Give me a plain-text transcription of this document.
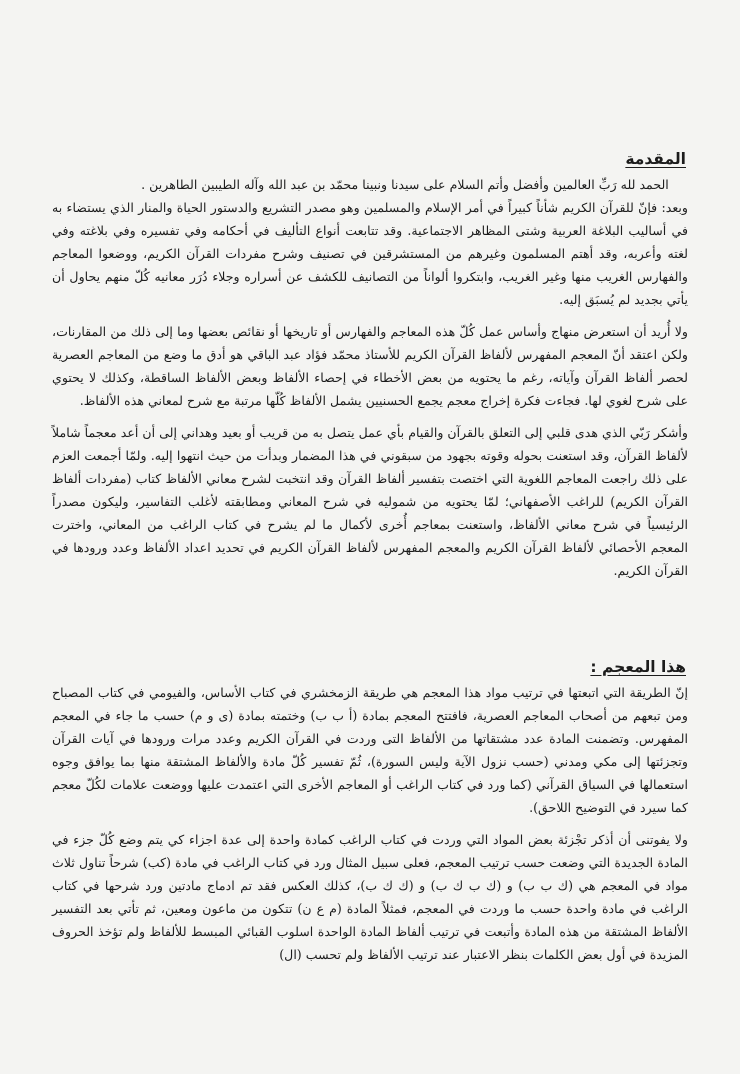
المقدمة

الحمد لله رَبِّ العالمين وأفضل وأتم السلام على سيدنا ونبينا محمّد بن عبد الله وآله الطيبين الطاهرين .

وبعد: فإنّ للقرآن الكريم شأناً كبيراً في أمر الإسلام والمسلمين وهو مصدر التشريع والدستور الحياة والمنار الذي يستضاء به في أساليب البلاغة العربية وشتى المظاهر الاجتماعية. وقد تتابعت أنواع التأليف في أحكامه وفي تفسيره وفي بلاغته وفي لغته وأعربه، وقد أهتم المسلمون وغيرهم من المستشرقين في تصنيف وشرح مفردات القرآن الكريم، ووضعوا المعاجم والفهارس الغريب منها وغير الغريب، وابتكروا ألواناً من التصانيف للكشف عن أسراره وجلاء دُرَر معانيه كُلّ منهم يحاول أن يأتي بجديد لم يُسبَق إليه.

ولا أُريد أن استعرض منهاج وأساس عمل كُلّ هذه المعاجم والفهارس أو تاريخها أو نقائص بعضها وما إلى ذلك من المقارنات، ولكن اعتقد أنّ المعجم المفهرس لألفاظ القرآن الكريم للأستاذ محمّد فؤاد عبد الباقي هو أدق ما وضع من المعاجم العصرية لحصر ألفاظ القرآن وآياته، رغم ما يحتويه من بعض الأخطاء في إحصاء الألفاظ وبعض الألفاظ الساقطة، وكذلك لا يحتوي على شرح لغوي لها. فجاءت فكرة إخراج معجم يجمع الحسنيين يشمل الألفاظ كُلّها مرتبة مع شرح لمعاني هذه الألفاظ.

وأشكر رَبّي الذي هدى قلبي إلى التعلق بالقرآن والقيام بأي عمل يتصل به من قريب أو بعيد وهداني إلى أن أعد معجماً شاملاً لألفاظ القرآن، وقد استعنت بحوله وقوته بجهود من سبقوني في هذا المضمار وبدأت من حيث انتهوا إليه. ولمّا أجمعت العزم على ذلك راجعت المعاجم اللغوية التي اختصت بتفسير ألفاظ القرآن وقد انتخبت لشرح معاني الألفاظ كتاب (مفردات ألفاظ القرآن الكريم) للراغب الأصفهاني؛ لمّا يحتويه من شموليه في شرح المعاني ومطابقته لأغلب التفاسير، وليكون مصدراً الرئيسياً في شرح معاني الألفاظ، واستعنت بمعاجم أُخرى لأكمال ما لم يشرح في كتاب الراغب من المعاني، واخترت المعجم الأحصائي لألفاظ القرآن الكريم والمعجم المفهرس لألفاظ القرآن الكريم في تحديد اعداد الألفاظ وعدد ورودها في القرآن الكريم.

هذا المعجم :

إنّ الطريقة التي اتبعتها في ترتيب مواد هذا المعجم هي طريقة الزمخشري في كتاب الأساس، والفيومي في كتاب المصباح ومن تبعهم من أصحاب المعاجم العصرية، فافتتح المعجم بمادة (أ ب ب) وختمته بمادة (ى و م) حسب ما جاء في المعجم المفهرس. وتضمنت المادة عدد مشتقاتها من الألفاظ التى وردت في القرآن الكريم وعدد مرات ورودها في آيات القرآن وتجزئتها إلى مكي ومدني (حسب نزول الآية وليس السورة)، ثُمّ تفسير كُلّ مادة والألفاظ المشتقة منها بما يوافق وجوه استعمالها في السياق القرآني (كما ورد في كتاب الراغب أو المعاجم الأخرى التي اعتمدت عليها ووضعت علامات لكُلّ معجم كما سيرد في التوضيح اللاحق).

ولا يفوتنى أن أذكر تجْزئة بعض المواد التي وردت في كتاب الراغب كمادة واحدة إلى عدة اجزاء كي يتم وضع كُلّ جزء في المادة الجديدة التي وضعت حسب ترتيب المعجم، فعلى سبيل المثال ورد في كتاب الراغب في مادة (كب) شرحاً تناول ثلاث مواد في المعجم هي (ك ب ب) و (ك ب ك ب) و (ك ك ب)، كذلك العكس فقد تم ادماج مادتين ورد شرحها في كتاب الراغب في مادة واحدة حسب ما وردت في المعجم، فمثلاً المادة (م ع ن) تتكون من ماعون ومعين، ثم تأتي بعد التفسير الألفاظ المشتقة من هذه المادة وأتبعت في ترتيب ألفاظ المادة الواحدة اسلوب القبائي المبسط للألفاظ ولم تؤخذ الحروف المزيدة في أول بعض الكلمات بنظر الاعتبار عند ترتيب الألفاظ ولم تحسب (ال)
